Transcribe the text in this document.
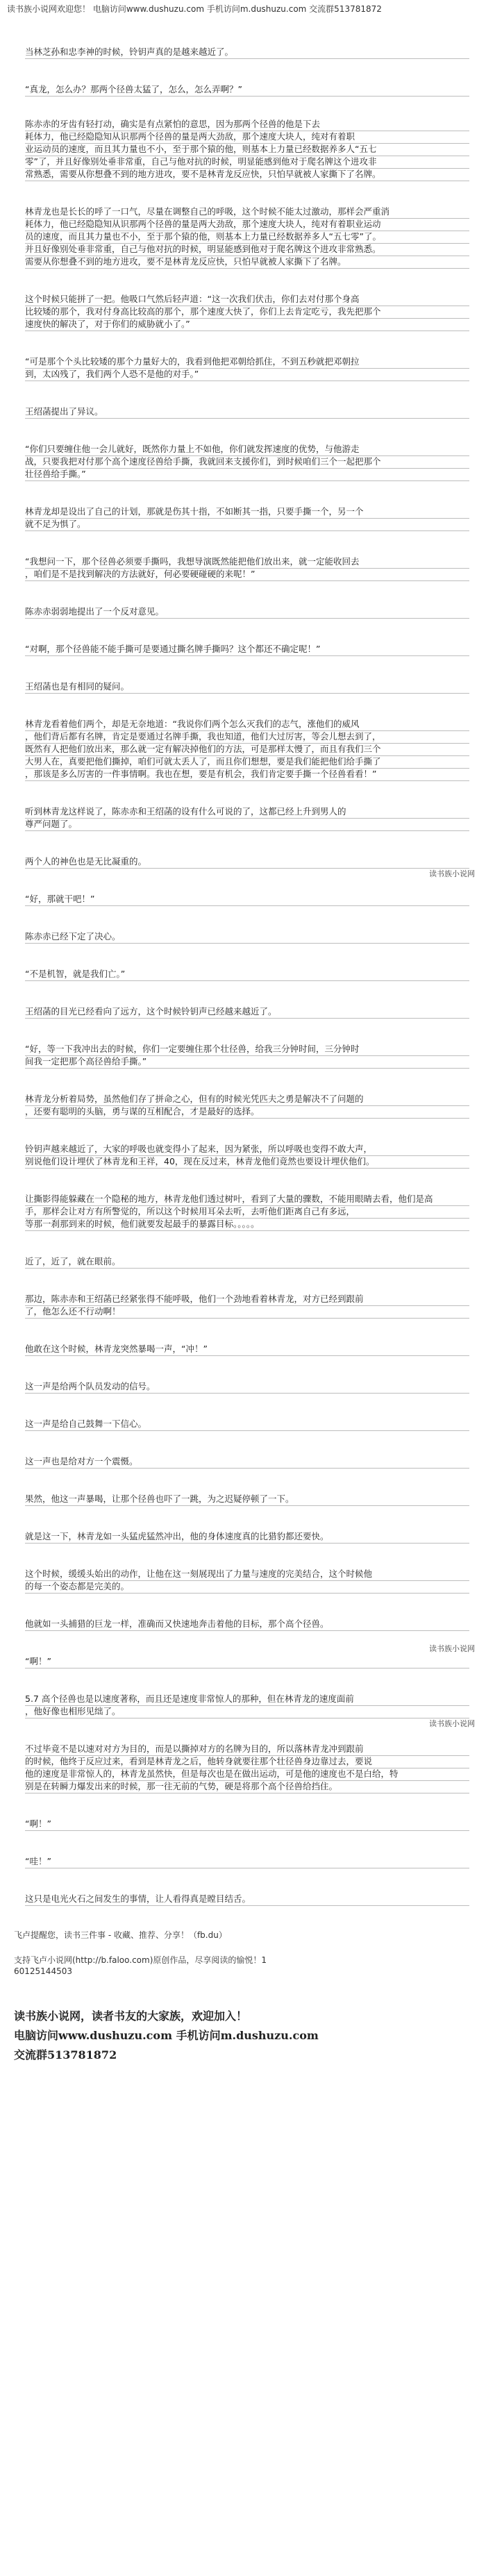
读书族小说网欢迎您！ 电脑访问www.dushuzu.com 手机访问m.dushuzu.com 交流群513781872
当林芝孙和忠李神的时候，铃钥声真的是越来越近了。
“真龙，怎么办？那两个径兽太猛了，怎么，怎么弄啊？”
陈赤赤的牙齿有轻打动，确实是有点紧怕的意思，因为那两个径兽的他是下去
耗体力，他已经隐隐知从识那两个径兽的量是两大劲敌，那个速度大块人，纯对有着职
业运动员的速度，而且其力量也不小，至于那个猿的他，则基本上力量已经数据养多人“五七
零”了，并且好像别处垂非常重，自己与他对抗的时候，明显能感到他对于爬名牌这个进攻非
常熟悉，需要从你想叠不到的地方进攻，要不是林青龙反应快，只怕早就被人家撕下了名牌。
林青龙也是长长的呼了一口气，尽量在调整自己的呼吸，这个时候不能太过激动，那样会严重消
耗体力，他已经隐隐知从识那两个径兽的量是两大劲敌，那个速度大块人，纯对有着职业运动
员的速度，而且其力量也不小，至于那个猿的他，则基本上力量已经数据养多人“五七零”了。
并且好像别处垂非常重，自己与他对抗的时候，明显能感到他对于爬名牌这个进攻非常熟悉。
需要从你想叠不到的地方进攻，要不是林青龙反应快，只怕早就被人家撕下了名牌。
这个时候只能拼了一把。他吸口气然后轻声道：“这一次我们伏击，你们去对付那个身高
比较矮的那个，我对付身高比较高的那个，那个速度大快了，你们上去肯定吃亏，我先把那个
速度快的解决了，对于你们的威胁就小了。”
“可是那个个头比较矮的那个力量好大的，我看到他把邓朝给抓住，不到五秒就把邓朝拉
到，太凶残了，我们两个人恐不是他的对手。”
王绍菡提出了异议。
“你们只要缠住他一会儿就好，既然你力量上不如他，你们就发挥速度的优势，与他游走
战，只要我把对付那个高个速度径兽给手撕，我就回来支援你们，到时候咱们三个一起把那个
壮径兽给手撕。”
林青龙却是设出了自己的计划，那就是伤其十指，不如断其一指，只要手撕一个，另一个
就不足为惧了。
“我想问一下，那个径兽必须要手撕吗，我想导演既然能把他们放出来，就一定能收回去
，咱们是不是找到解决的方法就好，何必要硬碰硬的来呢！”
陈赤赤弱弱地提出了一个反对意见。
“对啊，那个径兽能不能手撕可是要通过撕名牌手撕吗？这个都还不确定呢！”
王绍菡也是有相同的疑问。
林青龙看着他们两个，却是无奈地道：“我说你们两个怎么灭我们的志气，涨他们的威风
，他们背后都有名牌，肯定是要通过名牌手撕，我也知道，他们大过厉害，等会儿想去到了，
既然有人把他们放出来，那么就一定有解决掉他们的方法，可是那样太慢了，而且有我们三个
大男人在，真要把他们撕掉，咱们可就太丢人了，而且你们想想，要是我们能把他们给手撕了
，那该是多么厉害的一件事情啊。我也在想，要是有机会，我们肯定要手撕一个径兽看看！”
听到林青龙这样说了，陈赤赤和王绍菡的设有什么可说的了，这都已经上升到男人的
尊严问题了。
两个人的神色也是无比凝重的。
“好，那就干吧！”
陈赤赤已经下定了决心。
“不是机智，就是我们亡。”
王绍菡的目光已经看向了远方，这个时候铃钥声已经越来越近了。
“好，等一下我冲出去的时候，你们一定要缠住那个壮径兽，给我三分钟时间，三分钟时
间我一定把那个高径兽给手撕。”
林青龙分析着局势，虽然他们存了拼命之心，但有的时候光凭匹夫之勇是解决不了问题的
，还要有聪明的头脑，勇与谋的互相配合，才是最好的选择。
铃钥声越来越近了，大家的呼吸也就变得小了起来，因为紧张，所以呼吸也变得不敢大声，
别说他们设计埋伏了林青龙和王祥，40，现在反过来，林青龙他们竟然也要设计埋伏他们。
让撕影得能躲藏在一个隐秘的地方，林青龙他们透过树叶，看到了大量的骤数，不能用眼睛去看，他们是高
手，那样会让对方有所警觉的，所以这个时候用耳朵去听，去听他们距离自己有多远，
等那一刹那到来的时候，他们就要发起最手的暴露目标。。。。。
近了，近了，就在眼前。
那边，陈赤赤和王绍菡已经紧张得不能呼吸，他们一个劲地看着林青龙，对方已经到跟前
了，他怎么还不行动啊！
他敢在这个时候，林青龙突然暴喝一声，“冲！”
这一声是给两个队员发动的信号。
这一声是给自己鼓舞一下信心。
这一声也是给对方一个震慑。
果然，他这一声暴喝，让那个径兽也吓了一跳，为之迟疑停顿了一下。
就是这一下，林青龙如一头猛虎猛然冲出，他的身体速度真的比猎豹都还要快。
这个时候，缓缓头始出的动作，让他在这一刻展现出了力量与速度的完美结合，这个时候他
的每一个姿态都是完美的。
他就如一头捕猎的巨龙一样，准确而又快速地奔击着他的目标，那个高个径兽。
“啊！”
5.7 高个径兽也是以速度著称，而且还是速度非常惊人的那种，但在林青龙的速度面前
，他好像也相形见绌了。
不过毕竟不是以速对对方为目的，而是以撕掉对方的名牌为目的，所以落林青龙冲到跟前
的时候，他终于反应过来，看到是林青龙之后，他转身就要往那个壮径兽身边靠过去，要说
他的速度是非常惊人的，林青龙虽然快，但是每次也是在做出运动，可是他的速度也不是白给，特
别是在转瞬力爆发出来的时候，那一往无前的气势，硬是将那个高个径兽给挡住。
“啊！”
“哇！”
这只是电光火石之间发生的事情，让人看得真是瞠目结舌。
读书族小说网
读书族小说网
读书族小说网
飞卢提醒您，读书三件事 - 收藏、推荐、分享！（fb.du）
支持飞卢小说网(http://b.faloo.com)原创作品，尽享阅读的愉悦！1
60125144503
读书族小说网，读者书友的大家族，欢迎加入！
电脑访问www.dushuzu.com 手机访问m.dushuzu.com
交流群513781872
